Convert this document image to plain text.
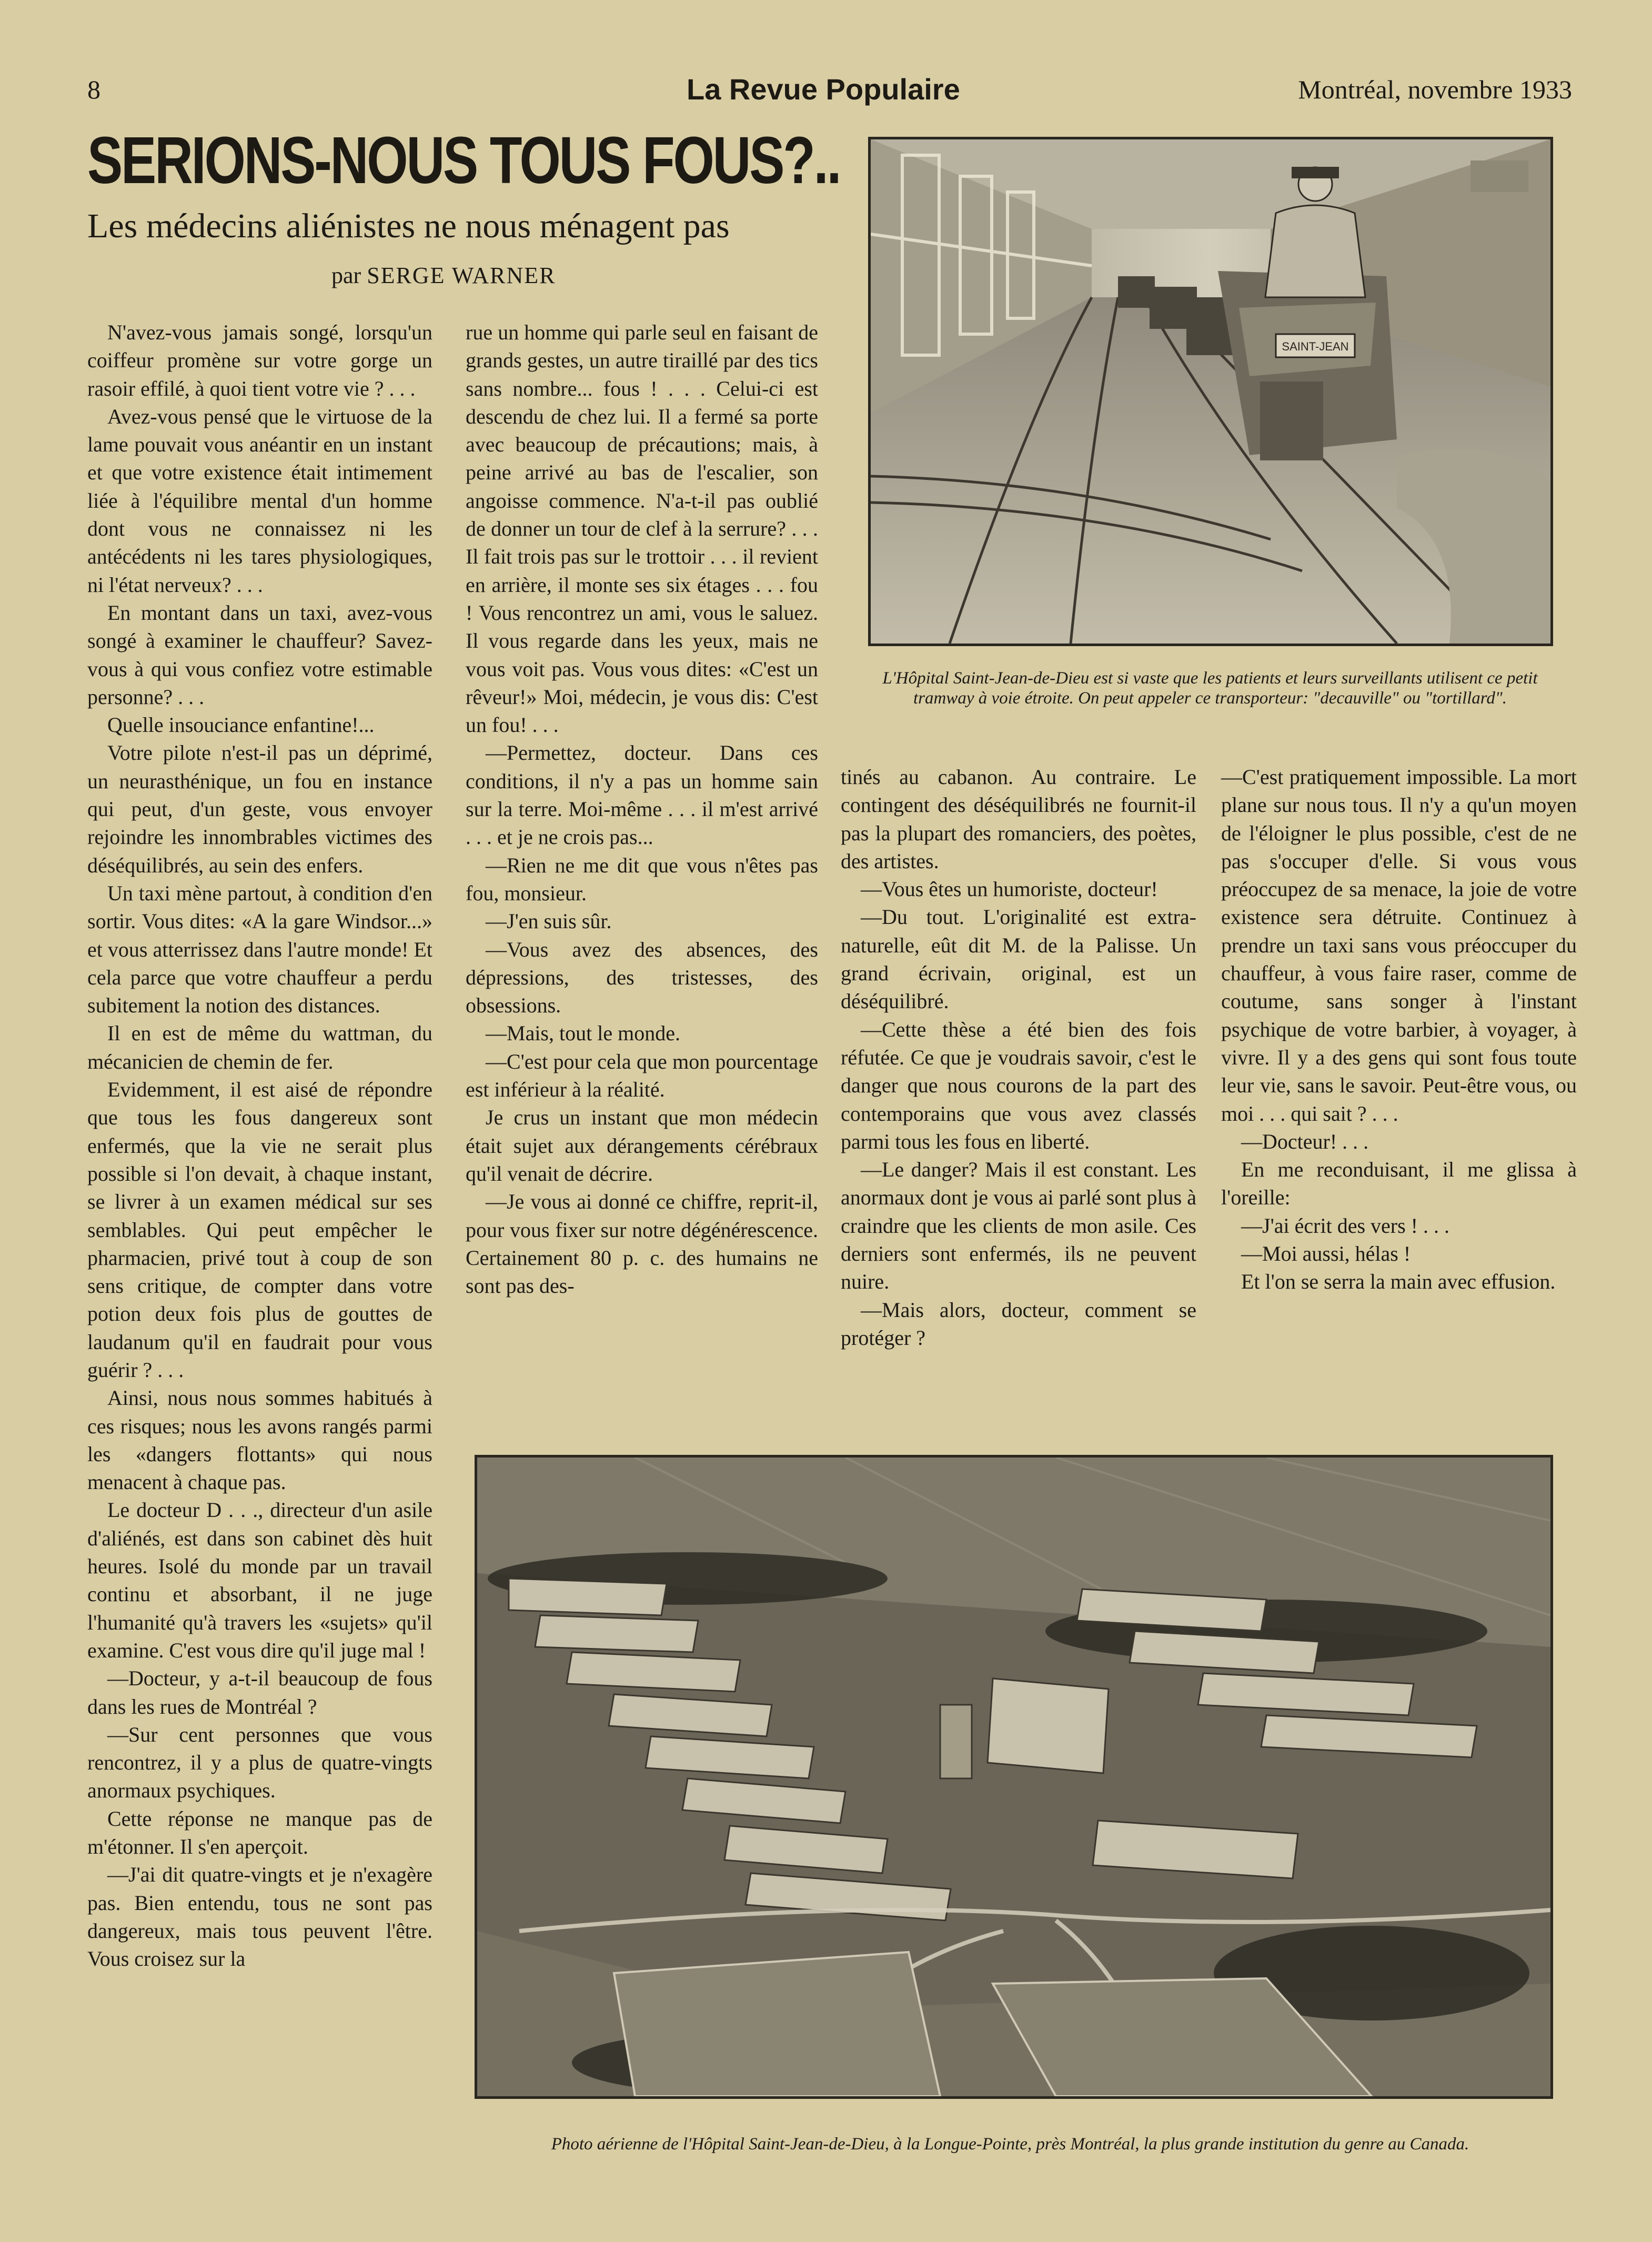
8	La Revue Populaire	Montréal, novembre 1933
SERIONS-NOUS TOUS FOUS?..
Les médecins aliénistes ne nous ménagent pas
par SERGE WARNER

N'avez-vous jamais songé, lorsqu'un coiffeur promène sur votre gorge un rasoir effilé, à quoi tient votre vie ? . . .

Avez-vous pensé que le virtuose de la lame pouvait vous anéantir en un instant et que votre existence était intimement liée à l'équilibre mental d'un homme dont vous ne connaissez ni les antécédents ni les tares physiologiques, ni l'état nerveux? . . .

En montant dans un taxi, avez-vous songé à examiner le chauffeur? Savez-vous à qui vous confiez votre estimable personne? . . .

Quelle insouciance enfantine!...

Votre pilote n'est-il pas un déprimé, un neurasthénique, un fou en instance qui peut, d'un geste, vous envoyer rejoindre les innombrables victimes des déséquilibrés, au sein des enfers.

Un taxi mène partout, à condition d'en sortir. Vous dites: «A la gare Windsor...» et vous atterrissez dans l'autre monde! Et cela parce que votre chauffeur a perdu subitement la notion des distances.

Il en est de même du wattman, du mécanicien de chemin de fer.

Evidemment, il est aisé de répondre que tous les fous dangereux sont enfermés, que la vie ne serait plus possible si l'on devait, à chaque instant, se livrer à un examen médical sur ses semblables. Qui peut empêcher le pharmacien, privé tout à coup de son sens critique, de compter dans votre potion deux fois plus de gouttes de laudanum qu'il en faudrait pour vous guérir ? . . .

Ainsi, nous nous sommes habitués à ces risques; nous les avons rangés parmi les «dangers flottants» qui nous menacent à chaque pas.

Le docteur D . . ., directeur d'un asile d'aliénés, est dans son cabinet dès huit heures. Isolé du monde par un travail continu et absorbant, il ne juge l'humanité qu'à travers les «sujets» qu'il examine. C'est vous dire qu'il juge mal !

—Docteur, y a-t-il beaucoup de fous dans les rues de Montréal ?

—Sur cent personnes que vous rencontrez, il y a plus de quatre-vingts anormaux psychiques.

Cette réponse ne manque pas de m'étonner. Il s'en aperçoit.

—J'ai dit quatre-vingts et je n'exagère pas. Bien entendu, tous ne sont pas dangereux, mais tous peuvent l'être. Vous croisez sur la

rue un homme qui parle seul en faisant de grands gestes, un autre tiraillé par des tics sans nombre... fous ! . . . Celui-ci est descendu de chez lui. Il a fermé sa porte avec beaucoup de précautions; mais, à peine arrivé au bas de l'escalier, son angoisse commence. N'a-t-il pas oublié de donner un tour de clef à la serrure? . . . Il fait trois pas sur le trottoir . . . il revient en arrière, il monte ses six étages . . . fou ! Vous rencontrez un ami, vous le saluez. Il vous regarde dans les yeux, mais ne vous voit pas. Vous vous dites: «C'est un rêveur!» Moi, médecin, je vous dis: C'est un fou! . . .

—Permettez, docteur. Dans ces conditions, il n'y a pas un homme sain sur la terre. Moi-même . . . il m'est arrivé . . . et je ne crois pas...

—Rien ne me dit que vous n'êtes pas fou, monsieur.

—J'en suis sûr.

—Vous avez des absences, des dépressions, des tristesses, des obsessions.

—Mais, tout le monde.

—C'est pour cela que mon pourcentage est inférieur à la réalité.

Je crus un instant que mon médecin était sujet aux dérangements cérébraux qu'il venait de décrire.

—Je vous ai donné ce chiffre, reprit-il, pour vous fixer sur notre dégénérescence. Certainement 80 p. c. des humains ne sont pas des-

tinés au cabanon. Au contraire. Le contingent des déséquilibrés ne fournit-il pas la plupart des romanciers, des poètes, des artistes.

—Vous êtes un humoriste, docteur!

—Du tout. L'originalité est extra-naturelle, eût dit M. de la Palisse. Un grand écrivain, original, est un déséquilibré.

—Cette thèse a été bien des fois réfutée. Ce que je voudrais savoir, c'est le danger que nous courons de la part des contemporains que vous avez classés parmi tous les fous en liberté.

—Le danger? Mais il est constant. Les anormaux dont je vous ai parlé sont plus à craindre que les clients de mon asile. Ces derniers sont enfermés, ils ne peuvent nuire.

—Mais alors, docteur, comment se protéger ?

—C'est pratiquement impossible. La mort plane sur nous tous. Il n'y a qu'un moyen de l'éloigner le plus possible, c'est de ne pas s'occuper d'elle. Si vous vous préoccupez de sa menace, la joie de votre existence sera détruite. Continuez à prendre un taxi sans vous préoccuper du chauffeur, à vous faire raser, comme de coutume, sans songer à l'instant psychique de votre barbier, à voyager, à vivre. Il y a des gens qui sont fous toute leur vie, sans le savoir. Peut-être vous, ou moi . . . qui sait ? . . .

—Docteur! . . .

En me reconduisant, il me glissa à l'oreille:

—J'ai écrit des vers ! . . .

—Moi aussi, hélas !

Et l'on se serra la main avec effusion.

SAINT-JEAN
L'Hôpital Saint-Jean-de-Dieu est si vaste que les patients et leurs surveillants utilisent ce petit tramway à voie étroite. On peut appeler ce transporteur: "decauville" ou "tortillard".
Photo aérienne de l'Hôpital Saint-Jean-de-Dieu, à la Longue-Pointe, près Montréal, la plus grande institution du genre au Canada.
